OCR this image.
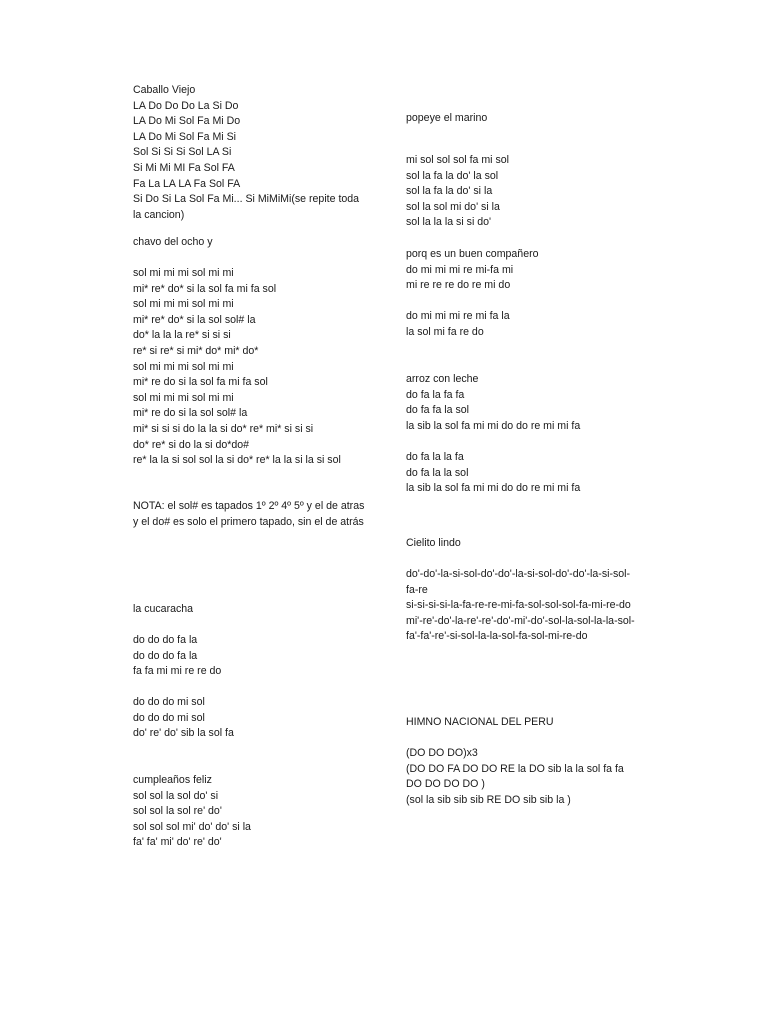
Caballo Viejo
LA Do Do Do La Si Do
LA Do Mi Sol Fa Mi Do
LA Do Mi Sol Fa Mi Si
Sol Si Si Si Sol LA Si
Si Mi Mi MI Fa Sol FA
Fa La LA LA Fa Sol FA
Si Do Si La Sol Fa Mi... Si MiMiMi(se repite toda la cancion)
chavo del ocho y
sol mi mi mi sol mi mi
mi* re* do* si la sol fa mi fa sol
sol mi mi mi sol mi mi
mi* re* do* si la sol sol# la
do* la la la re* si si si
re* si re* si mi* do* mi* do*
sol mi mi mi sol mi mi
mi* re do si la sol fa mi fa sol
sol mi mi mi sol mi mi
mi* re do si la sol sol# la
mi* si si si do la la si do* re* mi* si si si
do* re* si do la si do*do#
re* la la si sol sol la si do* re* la la si la si sol
NOTA: el sol# es tapados 1º 2º 4º 5º y el de atras
y el do# es solo el primero tapado, sin el de atrás
la cucaracha
do do do fa la
do do do fa la
fa fa mi mi re re do
do do do mi sol
do do do mi sol
do' re' do' sib la sol fa
cumpleaños feliz
sol sol la sol do' si
sol sol la sol re' do'
sol sol sol mi' do' do' si la
fa' fa' mi' do' re' do'
popeye el marino
mi sol sol sol fa mi sol
sol la fa la do' la sol
sol la fa la do' si la
sol la sol mi do' si la
sol la la la si si do'
porq es un buen compañero
do mi mi mi re mi-fa mi
mi re re re do re mi do
do mi mi mi re mi fa la
la sol mi fa re do
arroz con leche
do fa la fa fa
do fa fa la sol
la sib la sol fa mi mi do do re mi mi fa
do fa la la fa
do fa la la sol
la sib la sol fa mi mi do do re mi mi fa
Cielito lindo
do'-do'-la-si-sol-do'-do'-la-si-sol-do'-do'-la-si-sol-fa-re
si-si-si-si-la-fa-re-re-mi-fa-sol-sol-sol-fa-mi-re-do
mi'-re'-do'-la-re'-re'-do'-mi'-do'-sol-la-sol-la-la-sol-
fa'-fa'-re'-si-sol-la-la-sol-fa-sol-mi-re-do
HIMNO NACIONAL DEL PERU
(DO DO DO)x3
(DO DO FA DO DO RE la DO sib la la sol fa fa DO DO DO DO )
(sol la sib sib sib RE DO sib sib la )
